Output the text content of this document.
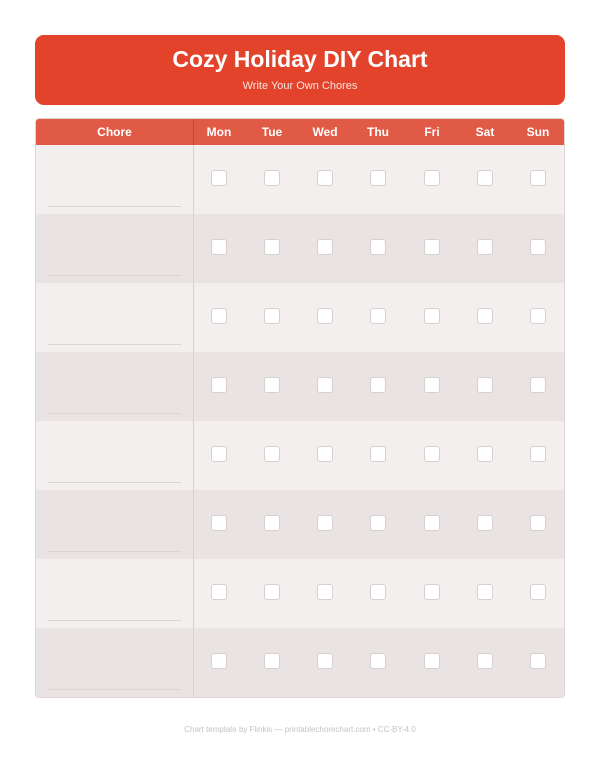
Cozy Holiday DIY Chart
Write Your Own Chores
Chore	Mon	Tue	Wed	Thu	Fri	Sat	Sun
Chart template by Flinkis — printablechorechart.com • CC-BY-4.0
